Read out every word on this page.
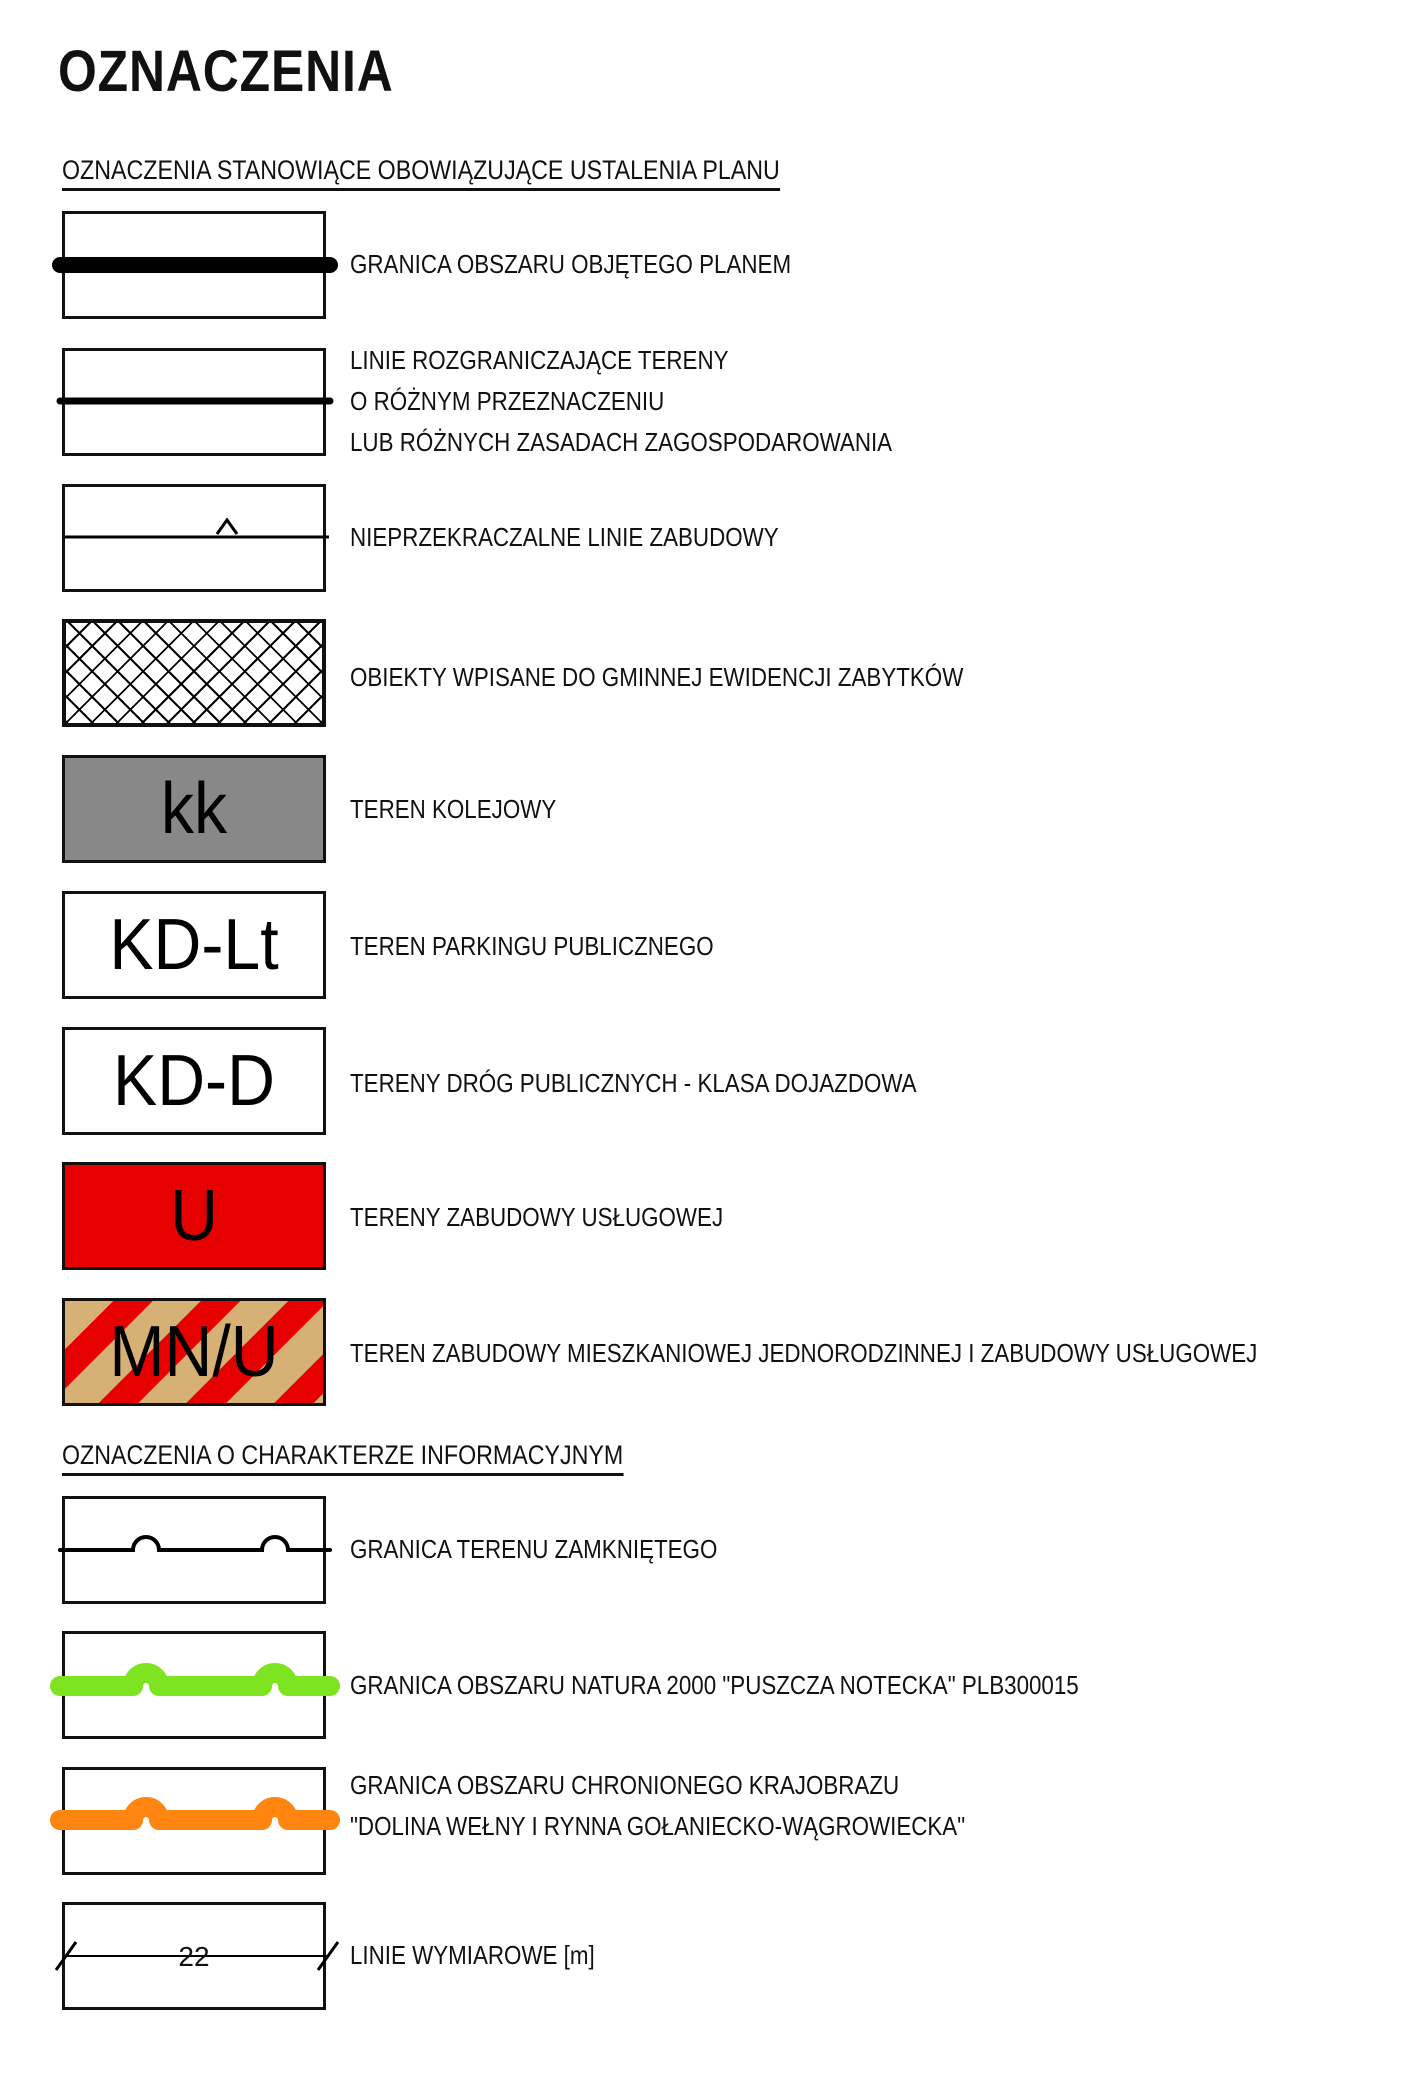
OZNACZENIA
OZNACZENIA STANOWIĄCE OBOWIĄZUJĄCE USTALENIA PLANU
GRANICA OBSZARU OBJĘTEGO PLANEM
LINIE ROZGRANICZAJĄCE TERENY
O RÓŻNYM PRZEZNACZENIU
LUB RÓŻNYCH ZASADACH ZAGOSPODAROWANIA
NIEPRZEKRACZALNE LINIE ZABUDOWY
OBIEKTY WPISANE DO GMINNEJ EWIDENCJI ZABYTKÓW
kk	TEREN KOLEJOWY
KD-Lt	TEREN PARKINGU PUBLICZNEGO
KD-D	TERENY DRÓG PUBLICZNYCH - KLASA DOJAZDOWA
U	TERENY ZABUDOWY USŁUGOWEJ
MN/U	TEREN ZABUDOWY MIESZKANIOWEJ JEDNORODZINNEJ I ZABUDOWY USŁUGOWEJ
OZNACZENIA O CHARAKTERZE INFORMACYJNYM
GRANICA TERENU ZAMKNIĘTEGO
GRANICA OBSZARU NATURA 2000 "PUSZCZA NOTECKA" PLB300015
GRANICA OBSZARU CHRONIONEGO KRAJOBRAZU
"DOLINA WEŁNY I RYNNA GOŁANIECKO-WĄGROWIECKA"
22	LINIE WYMIAROWE [m]
